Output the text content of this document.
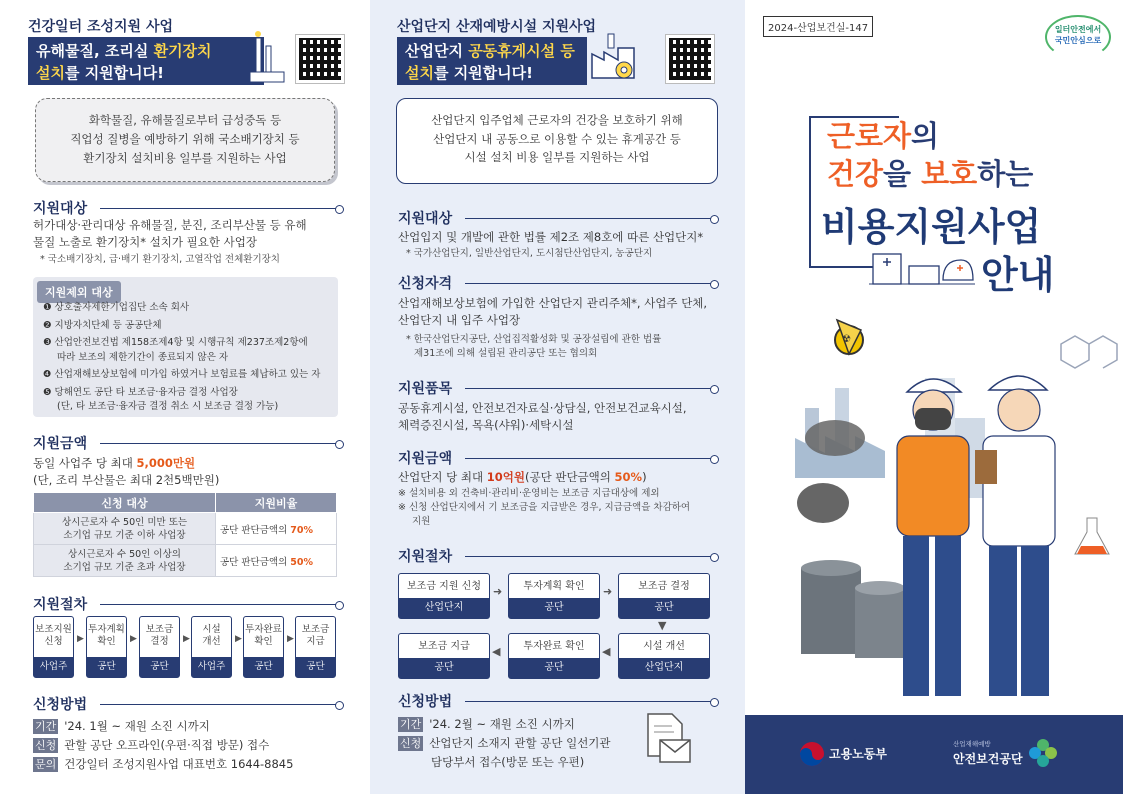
건강일터 조성지원 사업
유해물질, 조리실 환기장치
설치를 지원합니다!
화학물질, 유해물질로부터 급성중독 등
직업성 질병을 예방하기 위해 국소배기장치 등
환기장치 설치비용 일부를 지원하는 사업
지원대상
허가대상·관리대상 유해물질, 분진, 조리부산물 등 유해
물질 노출로 환기장치* 설치가 필요한 사업장
* 국소배기장치, 급·배기 환기장치, 고열작업 전체환기장치
지원제외 대상
❶ 상호출자제한기업집단 소속 회사
❷ 지방자치단체 등 공공단체
❸ 산업안전보건법 제158조제4항 및 시행규칙 제237조제2항에
따라 보조의 제한기간이 종료되지 않은 자
❹ 산업재해보상보험에 미가입 하였거나 보험료를 체납하고 있는 자
❺ 당해연도 공단 타 보조금·융자금 결정 사업장
(단, 타 보조금·융자금 결정 취소 시 보조금 결정 가능)
지원금액
동일 사업주 당 최대 5,000만원
(단, 조리 부산물은 최대 2천5백만원)
신청 대상	지원비율

상시근로자 수 50인 미만 또는
소기업 규모 기준 이하 사업장	공단 판단금액의 70%

상시근로자 수 50인 이상의
소기업 규모 기준 초과 사업장	공단 판단금액의 50%
지원절차
보조지원
신청
사업주
▶
투자계획
확인
공단
▶
보조금
결정
공단
▶
시설
개선
사업주
▶
투자완료
확인
공단
▶
보조금
지급
공단
신청방법
기간 '24. 1월 ~ 재원 소진 시까지
신청 관할 공단 오프라인(우편·직접 방문) 접수
문의 건강일터 조성지원사업 대표번호 1644-8845
산업단지 산재예방시설 지원사업
산업단지 공동휴게시설 등
설치를 지원합니다!
산업단지 입주업체 근로자의 건강을 보호하기 위해
산업단지 내 공동으로 이용할 수 있는 휴게공간 등
시설 설치 비용 일부를 지원하는 사업
지원대상
산업입지 및 개발에 관한 법률 제2조 제8호에 따른 산업단지*
* 국가산업단지, 일반산업단지, 도시첨단산업단지, 농공단지
신청자격
산업재해보상보험에 가입한 산업단지 관리주체*, 사업주 단체,
산업단지 내 입주 사업장
* 한국산업단지공단, 산업집적활성화 및 공장설립에 관한 법률
제31조에 의해 설립된 관리공단 또는 협의회
지원품목
공동휴게시설, 안전보건자료실·상담실, 안전보건교육시설,
체력증진시설, 목욕(샤워)·세탁시설
지원금액
산업단지 당 최대 10억원(공단 판단금액의 50%)
※ 설치비용 외 건축비·관리비·운영비는 보조금 지급대상에 제외
※ 신청 산업단지에서 기 보조금을 지급받은 경우, 지급금액을 차감하여
지원
지원절차
보조금 지원 신청
산업단지
➜	투자계획 확인
공단
➜	보조금 결정
공단
▼
시설 개선
산업단지
◀
투자완료 확인
공단
◀
보조금 지급
공단
신청방법
기간 '24. 2월 ~ 재원 소진 시까지
신청 산업단지 소재지 관할 공단 일선기관
담당부서 접수(방문 또는 우편)
2024-산업보건실-147	일터안전에서
국민안심으로
근로자의
건강을 보호하는
비용지원사업
안내
☢
고용노동부
산업재해예방
안전보건공단
